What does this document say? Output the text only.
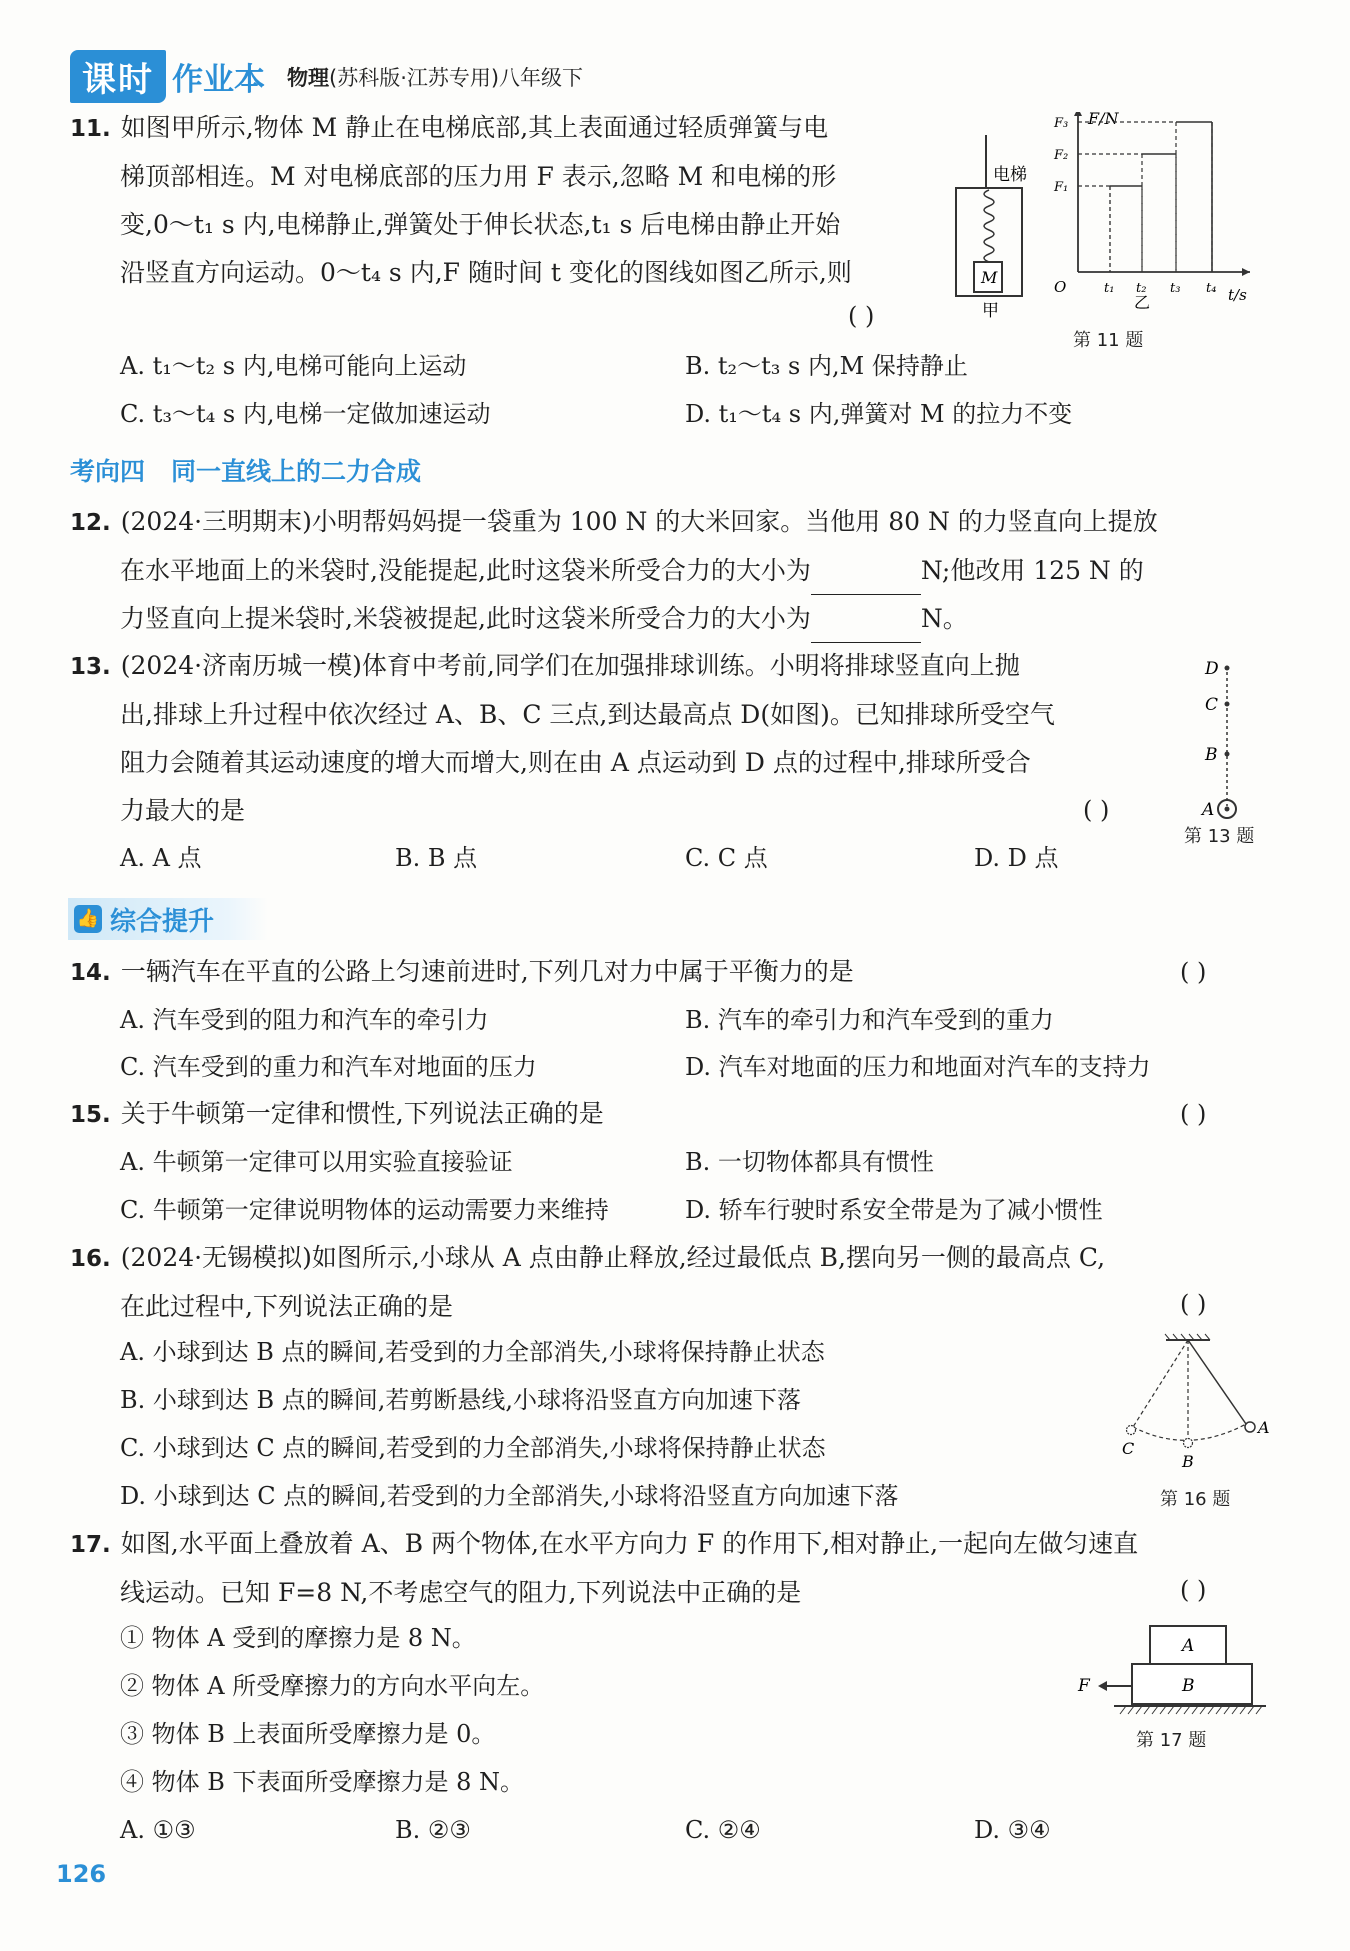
课时 作业本 物理(苏科版·江苏专用)八年级下
11. 如图甲所示,物体 M 静止在电梯底部,其上表面通过轻质弹簧与电
梯顶部相连。M 对电梯底部的压力用 F 表示,忽略 M 和电梯的形
变,0～t₁ s 内,电梯静止,弹簧处于伸长状态,t₁ s 后电梯由静止开始
沿竖直方向运动。0～t₄ s 内,F 随时间 t 变化的图线如图乙所示,则
( )
M
电梯
甲
F/N
t/s
O
F₁
F₂
F₃
t₁ t₂ t₃ t₄
乙
第 11 题
A. t₁～t₂ s 内,电梯可能向上运动	B. t₂～t₃ s 内,M 保持静止
C. t₃～t₄ s 内,电梯一定做加速运动	D. t₁～t₄ s 内,弹簧对 M 的拉力不变
考向四 同一直线上的二力合成
12. (2024·三明期末)小明帮妈妈提一袋重为 100 N 的大米回家。当他用 80 N 的力竖直向上提放
在水平地面上的米袋时,没能提起,此时这袋米所受合力的大小为	N;他改用 125 N 的
力竖直向上提米袋时,米袋被提起,此时这袋米所受合力的大小为	N。
13. (2024·济南历城一模)体育中考前,同学们在加强排球训练。小明将排球竖直向上抛
出,排球上升过程中依次经过 A、B、C 三点,到达最高点 D(如图)。已知排球所受空气
阻力会随着其运动速度的增大而增大,则在由 A 点运动到 D 点的过程中,排球所受合
力最大的是	( )
D
C
B
A
第 13 题
A. A 点	B. B 点	C. C 点	D. D 点
👍 综合提升
14. 一辆汽车在平直的公路上匀速前进时,下列几对力中属于平衡力的是	( )
A. 汽车受到的阻力和汽车的牵引力	B. 汽车的牵引力和汽车受到的重力
C. 汽车受到的重力和汽车对地面的压力	D. 汽车对地面的压力和地面对汽车的支持力
15. 关于牛顿第一定律和惯性,下列说法正确的是	( )
A. 牛顿第一定律可以用实验直接验证	B. 一切物体都具有惯性
C. 牛顿第一定律说明物体的运动需要力来维持	D. 轿车行驶时系安全带是为了减小惯性
16. (2024·无锡模拟)如图所示,小球从 A 点由静止释放,经过最低点 B,摆向另一侧的最高点 C,
在此过程中,下列说法正确的是	( )
A. 小球到达 B 点的瞬间,若受到的力全部消失,小球将保持静止状态
B. 小球到达 B 点的瞬间,若剪断悬线,小球将沿竖直方向加速下落
C. 小球到达 C 点的瞬间,若受到的力全部消失,小球将保持静止状态
D. 小球到达 C 点的瞬间,若受到的力全部消失,小球将沿竖直方向加速下落
A
B
C
第 16 题
17. 如图,水平面上叠放着 A、B 两个物体,在水平方向力 F 的作用下,相对静止,一起向左做匀速直
线运动。已知 F=8 N,不考虑空气的阻力,下列说法中正确的是	( )
① 物体 A 受到的摩擦力是 8 N。
② 物体 A 所受摩擦力的方向水平向左。
③ 物体 B 上表面所受摩擦力是 0。
④ 物体 B 下表面所受摩擦力是 8 N。
A
B
F
第 17 题
A. ①③	B. ②③	C. ②④	D. ③④
126
